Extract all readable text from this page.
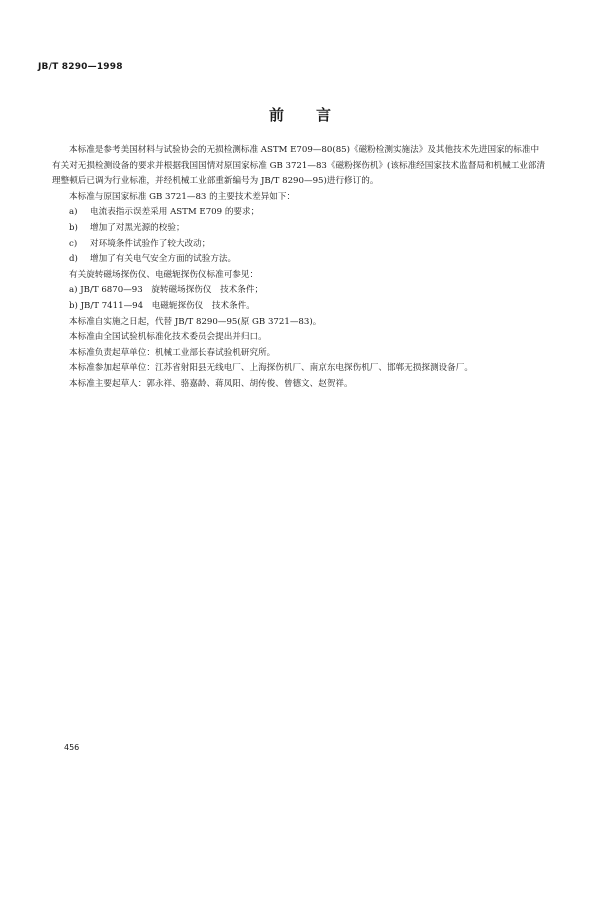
JB/T 8290—1998
前 言

本标准是参考美国材料与试验协会的无损检测标准 ASTM E709—80(85)《磁粉检测实施法》及其他技术先进国家的标准中有关对无损检测设备的要求并根据我国国情对原国家标准 GB 3721—83《磁粉探伤机》(该标准经国家技术监督局和机械工业部清理整顿后已调为行业标准，并经机械工业部重新编号为 JB/T 8290—95)进行修订的。

本标准与原国家标准 GB 3721—83 的主要技术差异如下：

a) 电流表指示误差采用 ASTM E709 的要求；

b) 增加了对黑光源的校验；

c) 对环境条件试验作了较大改动；

d) 增加了有关电气安全方面的试验方法。

有关旋转磁场探伤仪、电磁轭探伤仪标准可参见：

a) JB/T 6870—93　旋转磁场探伤仪　技术条件；

b) JB/T 7411—94　电磁轭探伤仪　技术条件。

本标准自实施之日起，代替 JB/T 8290—95(原 GB 3721—83)。

本标准由全国试验机标准化技术委员会提出并归口。

本标准负责起草单位：机械工业部长春试验机研究所。

本标准参加起草单位：江苏省射阳县无线电厂、上海探伤机厂、南京东电探伤机厂、邯郸无损探测设备厂。

本标准主要起草人：郭永祥、骆嘉龄、蒋凤阳、胡传俊、曾德文、赵贺祥。

456
